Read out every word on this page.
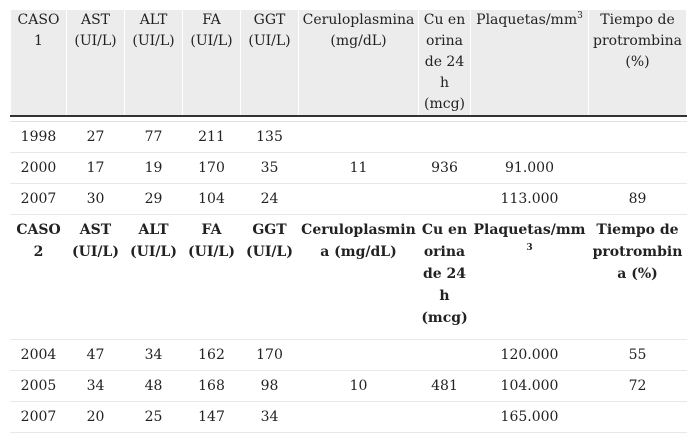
CASO 1	AST (UI/L)	ALT (UI/L)	FA (UI/L)	GGT (UI/L)	Ceruloplasmina (mg/dL)	Cu en orina de 24 h (mcg)	Plaquetas/$mm^3$	Tiempo de protrombina (%)

1998	27	77	211	135				
2000	17	19	170	35	11	936	91.000	
2007	30	29	104	24			113.000	89
CASO 2	AST (UI/L)	ALT (UI/L)	FA (UI/L)	GGT (UI/L)	Ceruloplasmina (mg/dL)	Cu en orina de 24 h (mcg)	Plaquetas/$mm^3$	Tiempo de protrombina (%)
2004	47	34	162	170			120.000	55
2005	34	48	168	98	10	481	104.000	72
2007	20	25	147	34			165.000	
